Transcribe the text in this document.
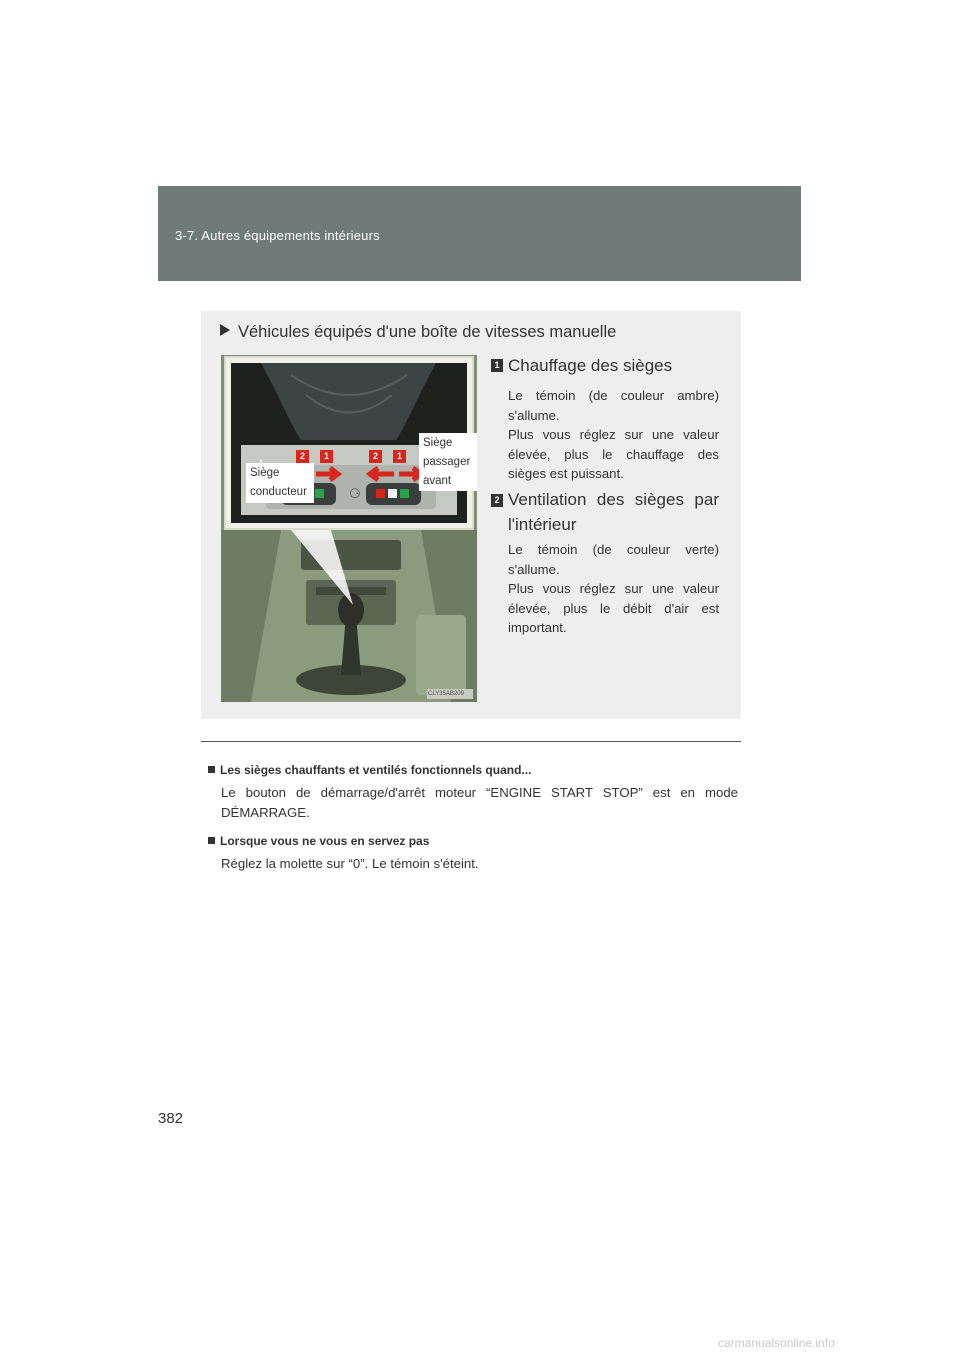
3-7. Autres équipements intérieurs
Véhicules équipés d'une boîte de vitesses manuelle
⚆
Siège
conducteur
Siège
passager
avant
2	1	2	1
CLY35AB209
1 Chauffage des sièges
Le témoin (de couleur ambre) s'allume.
Plus vous réglez sur une valeur élevée, plus le chauffage des sièges est puissant.
2 Ventilation des sièges par l'intérieur
Le témoin (de couleur verte) s'allume.
Plus vous réglez sur une valeur élevée, plus le débit d'air est important.
Les sièges chauffants et ventilés fonctionnels quand...
Le bouton de démarrage/d'arrêt moteur “ENGINE START STOP” est en mode DÉMARRAGE.
Lorsque vous ne vous en servez pas
Réglez la molette sur “0”. Le témoin s'éteint.
382
carmanualsonline.info
